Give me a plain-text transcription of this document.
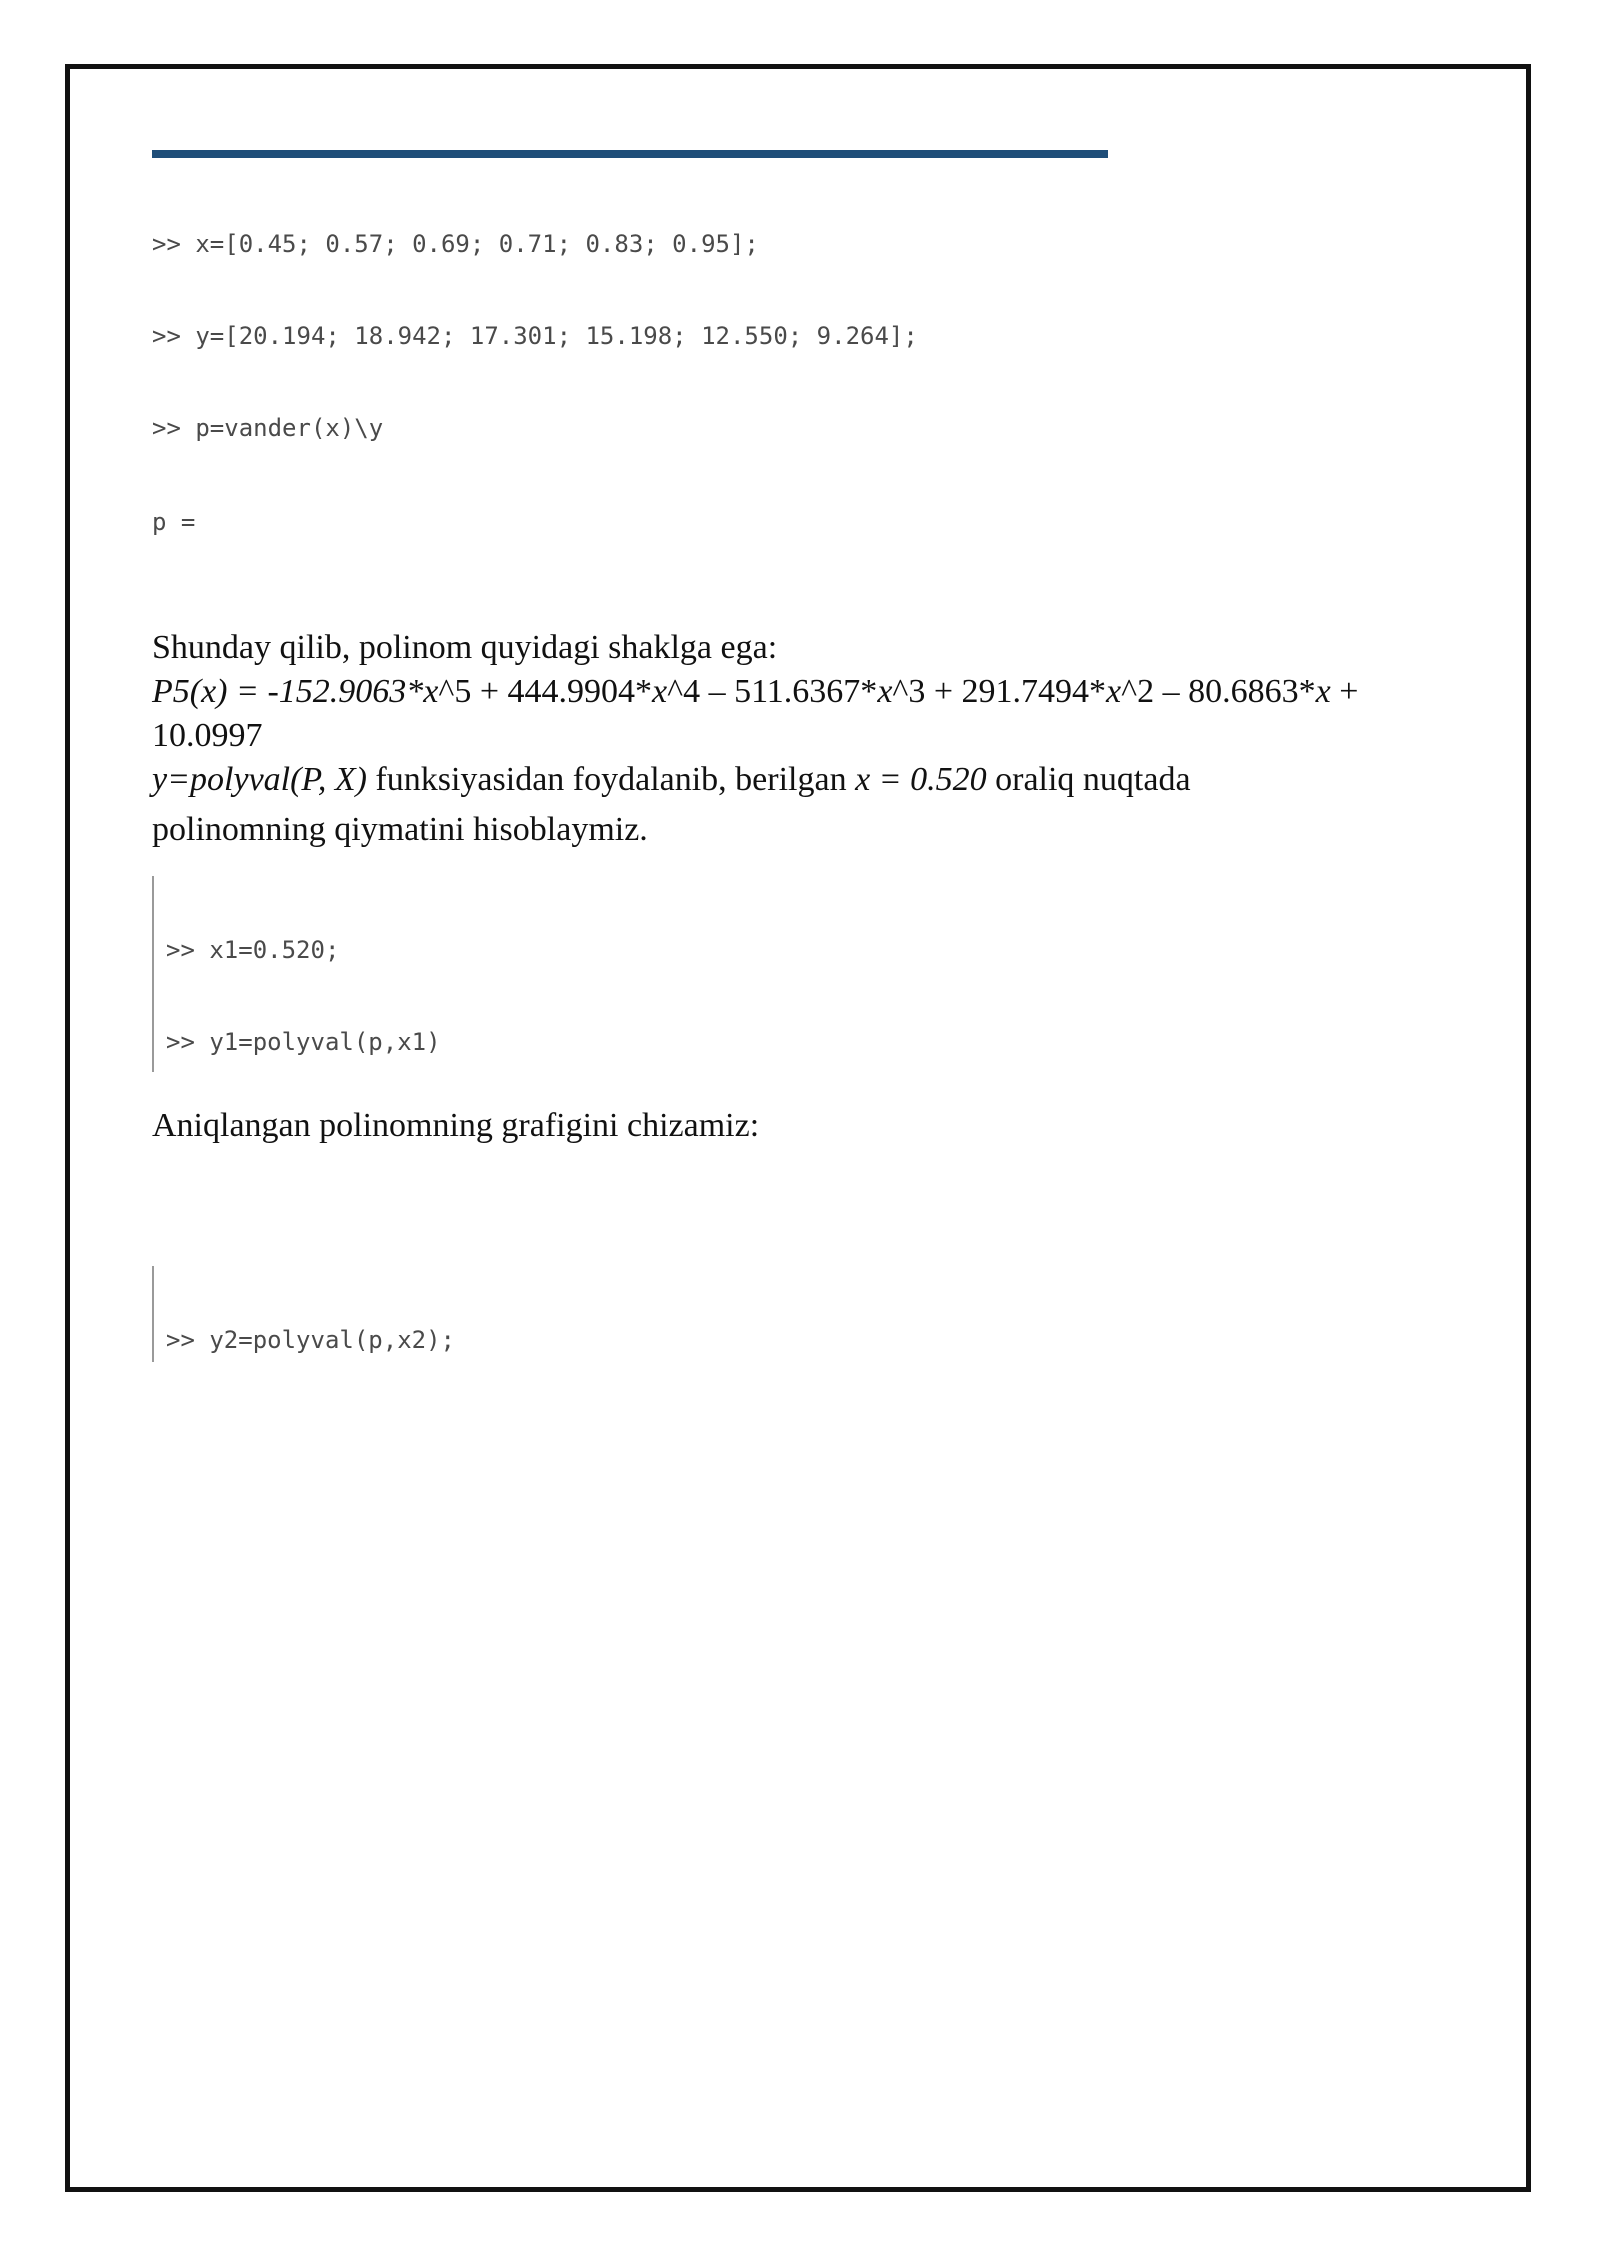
>> x=[0.45; 0.57; 0.69; 0.71; 0.83; 0.95];

>> y=[20.194; 18.942; 17.301; 15.198; 12.550; 9.264];

>> p=vander(x)\y

p =

Shunday qilib, polinom quyidagi shaklga ega:
P5(x) = -152.9063*x^5 + 444.9904*x^4 – 511.6367*x^3 + 291.7494*x^2 – 80.6863*x +
10.0997
y=polyval(P, X) funksiyasidan foydalanib, berilgan x = 0.520 oraliq nuqtada
polinomning qiymatini hisoblaymiz.

>> x1=0.520;

>> y1=polyval(p,x1)

Aniqlangan polinomning grafigini chizamiz:

>> y2=polyval(p,x2);
